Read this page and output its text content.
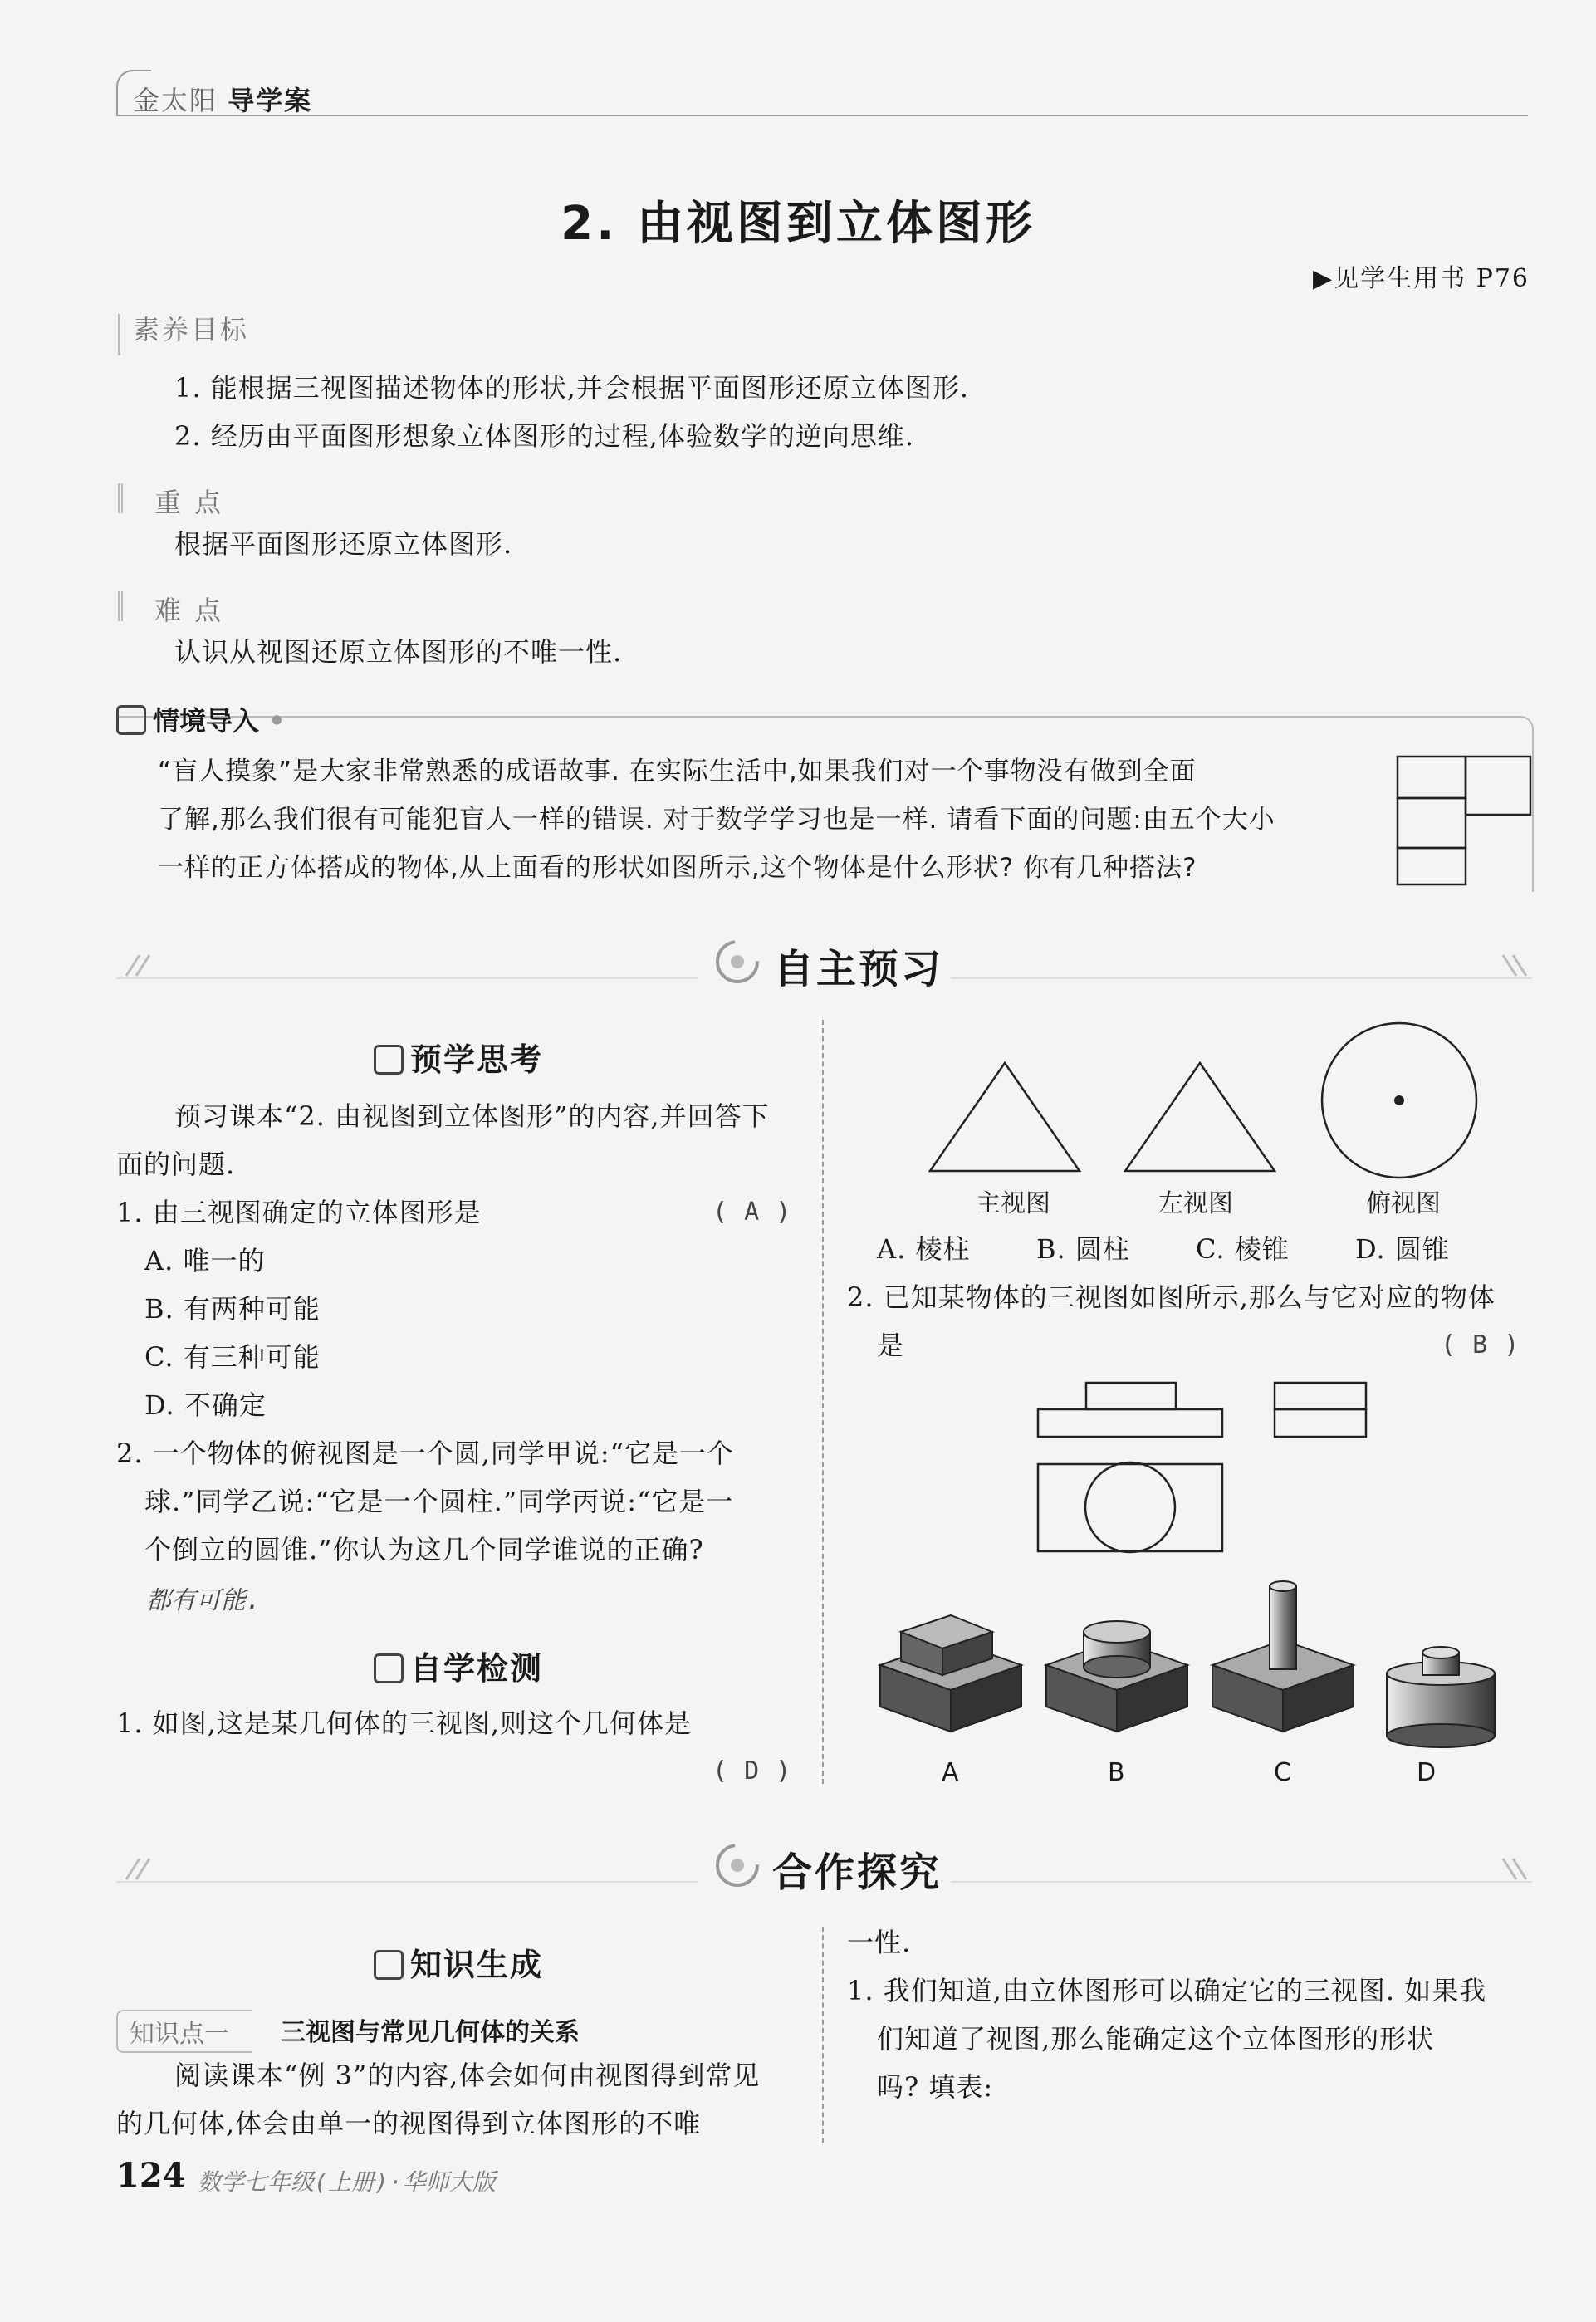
金太阳 导学案
2. 由视图到立体图形
▶见学生用书 P76
素养目标
1. 能根据三视图描述物体的形状,并会根据平面图形还原立体图形.
2. 经历由平面图形想象立体图形的过程,体验数学的逆向思维.
重 点
根据平面图形还原立体图形.
难 点
认识从视图还原立体图形的不唯一性.
情境导入 •
“盲人摸象”是大家非常熟悉的成语故事. 在实际生活中,如果我们对一个事物没有做到全面
了解,那么我们很有可能犯盲人一样的错误. 对于数学学习也是一样. 请看下面的问题:由五个大小
一样的正方体搭成的物体,从上面看的形状如图所示,这个物体是什么形状? 你有几种搭法?
自主预习
预学思考
预习课本“2. 由视图到立体图形”的内容,并回答下
面的问题.
1. 由三视图确定的立体图形是	( A )
A. 唯一的
B. 有两种可能
C. 有三种可能
D. 不确定
2. 一个物体的俯视图是一个圆,同学甲说:“它是一个
球.”同学乙说:“它是一个圆柱.”同学丙说:“它是一
个倒立的圆锥.”你认为这几个同学谁说的正确?
都有可能.
自学检测
1. 如图,这是某几何体的三视图,则这个几何体是
( D )
主视图	左视图	俯视图
A. 棱柱 B. 圆柱 C. 棱锥 D. 圆锥
2. 已知某物体的三视图如图所示,那么与它对应的物体
是	( B )
A	B	C	D
合作探究
知识生成
知识点一	三视图与常见几何体的关系
阅读课本“例 3”的内容,体会如何由视图得到常见
的几何体,体会由单一的视图得到立体图形的不唯
一性.
1. 我们知道,由立体图形可以确定它的三视图. 如果我
们知道了视图,那么能确定这个立体图形的形状
吗? 填表:
124 数学七年级(上册)·华师大版
